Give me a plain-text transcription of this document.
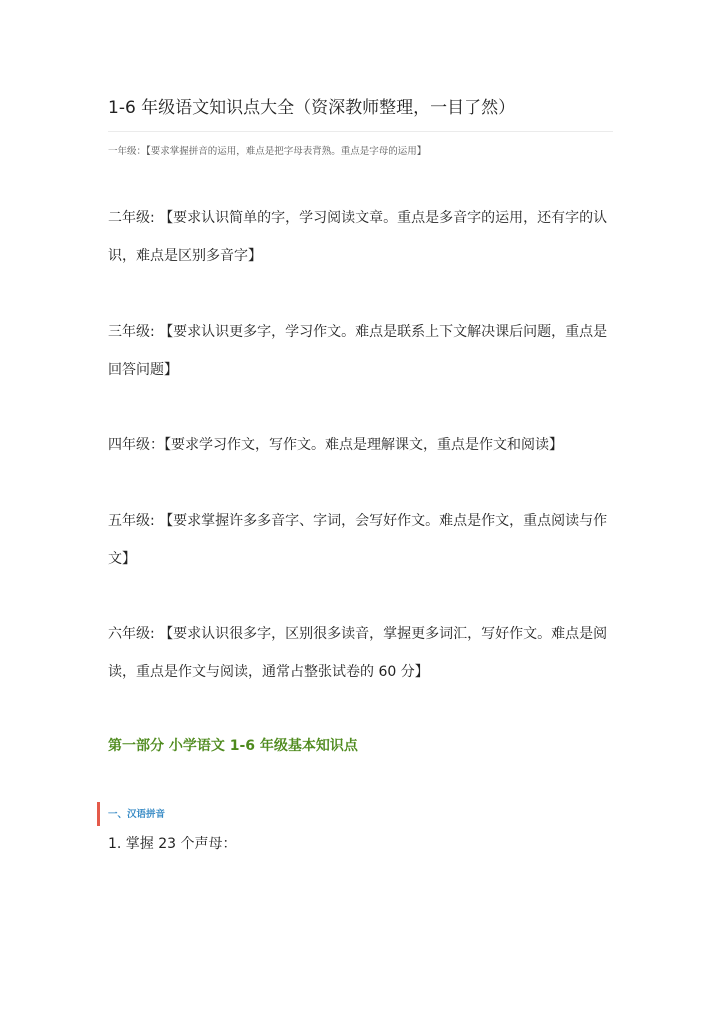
1-6 年级语文知识点大全（资深教师整理，一目了然）
一年级：【要求掌握拼音的运用，难点是把字母表背熟。重点是字母的运用】

二年级: 【要求认识简单的字，学习阅读文章。重点是多音字的运用，还有字的认识，难点是区别多音字】

三年级: 【要求认识更多字，学习作文。难点是联系上下文解决课后问题，重点是回答问题】

四年级：【要求学习作文，写作文。难点是理解课文，重点是作文和阅读】

五年级: 【要求掌握许多多音字、字词，会写好作文。难点是作文，重点阅读与作文】

六年级: 【要求认识很多字，区别很多读音，掌握更多词汇，写好作文。难点是阅读，重点是作文与阅读，通常占整张试卷的 60 分】

第一部分 小学语文 1-6 年级基本知识点
一、汉语拼音
1. 掌握 23 个声母：
